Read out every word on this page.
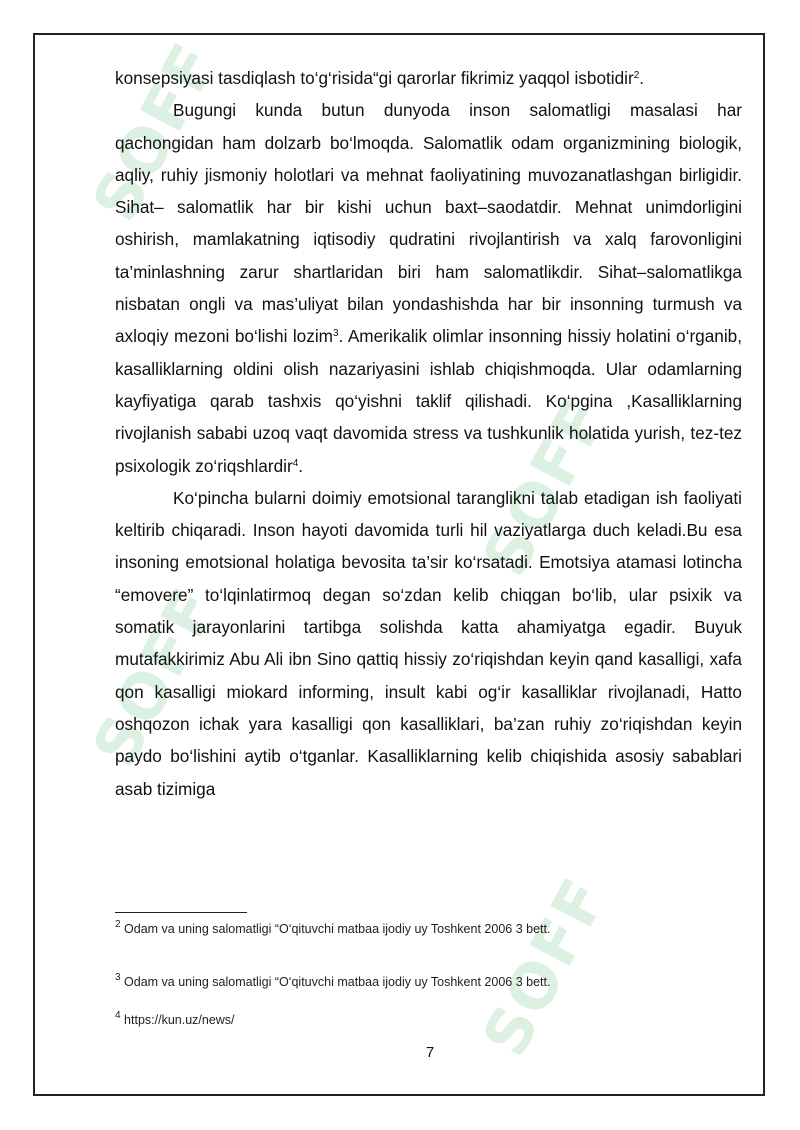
SOFF
SOFF
SOFF
SOFF

konsepsiyasi tasdiqlash to‘g‘risida“gi qarorlar fikrimiz yaqqol isbotidir$^2$.

Bugungi kunda butun dunyoda inson salomatligi masalasi har qachongidan ham dolzarb bo‘lmoqda. Salomatlik odam organizmining biologik, aqliy, ruhiy jismoniy holotlari va mehnat faoliyatining muvozanatlashgan birligidir. Sihat– salomatlik har bir kishi uchun baxt–saodatdir. Mehnat unimdorligini oshirish, mamlakatning iqtisodiy qudratini rivojlantirish va xalq farovonligini ta’minlashning zarur shartlaridan biri ham salomatlikdir. Sihat–salomatlikga nisbatan ongli va mas’uliyat bilan yondashishda har bir insonning turmush va axloqiy mezoni bo‘lishi lozim$^3$. Amerikalik olimlar insonning hissiy holatini o‘rganib, kasalliklarning oldini olish nazariyasini ishlab chiqishmoqda. Ular odamlarning kayfiyatiga qarab tashxis qo‘yishni taklif qilishadi. Ko‘pgina ,Kasalliklarning rivojlanish sababi uzoq vaqt davomida stress va tushkunlik holatida yurish, tez-tez psixologik zo‘riqshlardir$^4$.

Ko‘pincha bularni doimiy emotsional taranglikni talab etadigan ish faoliyati keltirib chiqaradi. Inson hayoti davomida turli hil vaziyatlarga duch keladi.Bu esa insoning emotsional holatiga bevosita ta’sir ko‘rsatadi. Emotsiya atamasi lotincha “emovere” to‘lqinlatirmoq degan so‘zdan kelib chiqgan bo‘lib, ular psixik va somatik jarayonlarini tartibga solishda katta ahamiyatga egadir. Buyuk mutafakkirimiz Abu Ali ibn Sino qattiq hissiy zo‘riqishdan keyin qand kasalligi, xafa qon kasalligi miokard informing, insult kabi og‘ir kasalliklar rivojlanadi, Hatto oshqozon ichak yara kasalligi qon kasalliklari, ba’zan ruhiy zo‘riqishdan keyin paydo bo‘lishini aytib o‘tganlar. Kasalliklarning kelib chiqishida asosiy sabablari asab tizimiga

$^2$ Odam va uning salomatligi “O‘qituvchi matbaa ijodiy uy Toshkent 2006 3 bett.
$^3$ Odam va uning salomatligi “O‘qituvchi matbaa ijodiy uy Toshkent 2006 3 bett.
$^4$ https://kun.uz/news/
7
